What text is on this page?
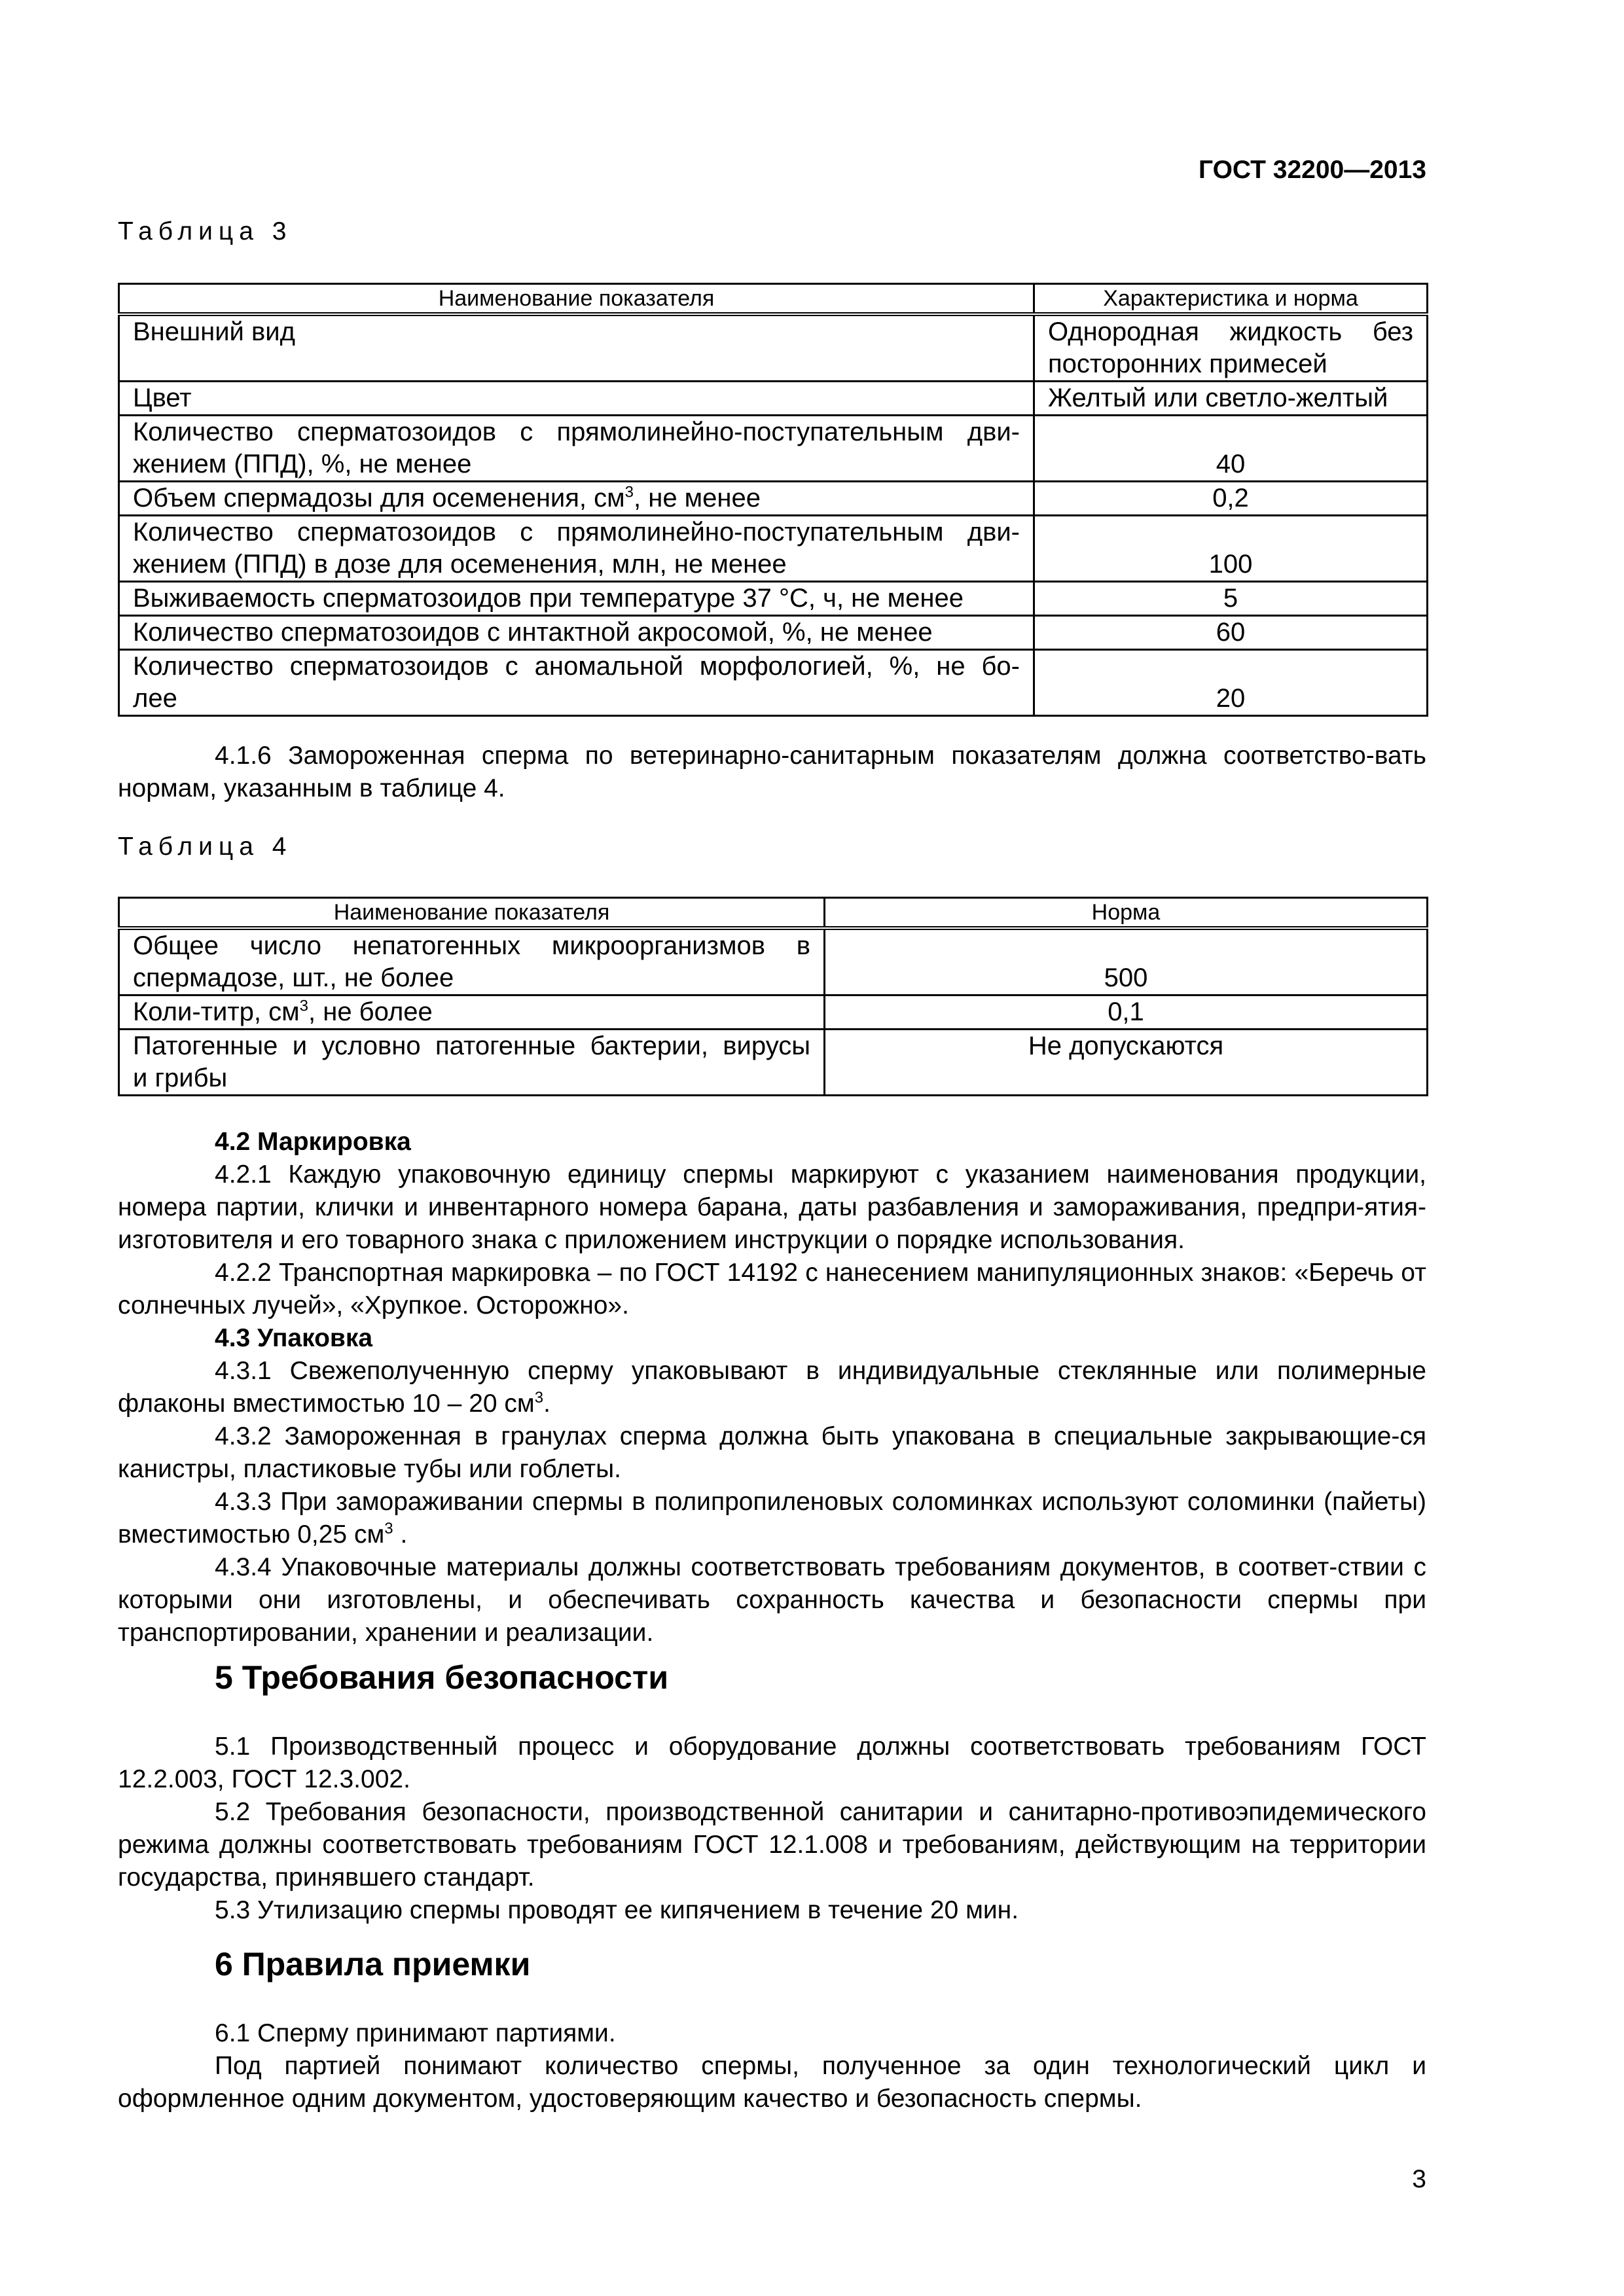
ГОСТ 32200—2013
Таблица 3
Наименование показателя	Характеристика и норма
Внешний вид	Однородная жидкость без
посторонних примесей

Цвет	Желтый или светло-желтый

Количество сперматозоидов с прямолинейно-поступательным дви-
жением (ППД), %, не менее	40
Объем спермадозы для осеменения, $см^3$, не менее	0,2

Количество сперматозоидов с прямолинейно-поступательным дви-
жением (ППД) в дозе для осеменения, млн, не менее	100
Выживаемость сперматозоидов при температуре 37 °С, ч, не менее	5
Количество сперматозоидов с интактной акросомой, %, не менее	60

Количество сперматозоидов с аномальной морфологией, %, не бо-
лее	20

4.1.6 Замороженная сперма по ветеринарно-санитарным показателям должна соответство-вать нормам, указанным в таблице 4.

Таблица 4
Наименование показателя	Норма

Общее число непатогенных микроорганизмов в
спермадозе, шт., не более	500
Коли-титр, $см^3$, не более	0,1

Патогенные и условно патогенные бактерии, вирусы
и грибы	Не допускаются

4.2 Маркировка

4.2.1 Каждую упаковочную единицу спермы маркируют с указанием наименования продукции, номера партии, клички и инвентарного номера барана, даты разбавления и замораживания, предпри-ятия-изготовителя и его товарного знака с приложением инструкции о порядке использования.

4.2.2 Транспортная маркировка – по ГОСТ 14192 с нанесением манипуляционных знаков: «Беречь от солнечных лучей», «Хрупкое. Осторожно».

4.3 Упаковка

4.3.1 Свежеполученную сперму упаковывают в индивидуальные стеклянные или полимерные флаконы вместимостью 10 – 20 $см^3$.

4.3.2 Замороженная в гранулах сперма должна быть упакована в специальные закрывающие-ся канистры, пластиковые тубы или гоблеты.

4.3.3 При замораживании спермы в полипропиленовых соломинках используют соломинки (пайеты) вместимостью 0,25 $см^3$ .

4.3.4 Упаковочные материалы должны соответствовать требованиям документов, в соответ-ствии с которыми они изготовлены, и обеспечивать сохранность качества и безопасности спермы при транспортировании, хранении и реализации.

5 Требования безопасности

5.1 Производственный процесс и оборудование должны соответствовать требованиям ГОСТ 12.2.003, ГОСТ 12.3.002.

5.2 Требования безопасности, производственной санитарии и санитарно-противоэпидемического режима должны соответствовать требованиям ГОСТ 12.1.008 и требованиям, действующим на территории государства, принявшего стандарт.

5.3 Утилизацию спермы проводят ее кипячением в течение 20 мин.

6 Правила приемки

6.1 Сперму принимают партиями.

Под партией понимают количество спермы, полученное за один технологический цикл и оформленное одним документом, удостоверяющим качество и безопасность спермы.

3
